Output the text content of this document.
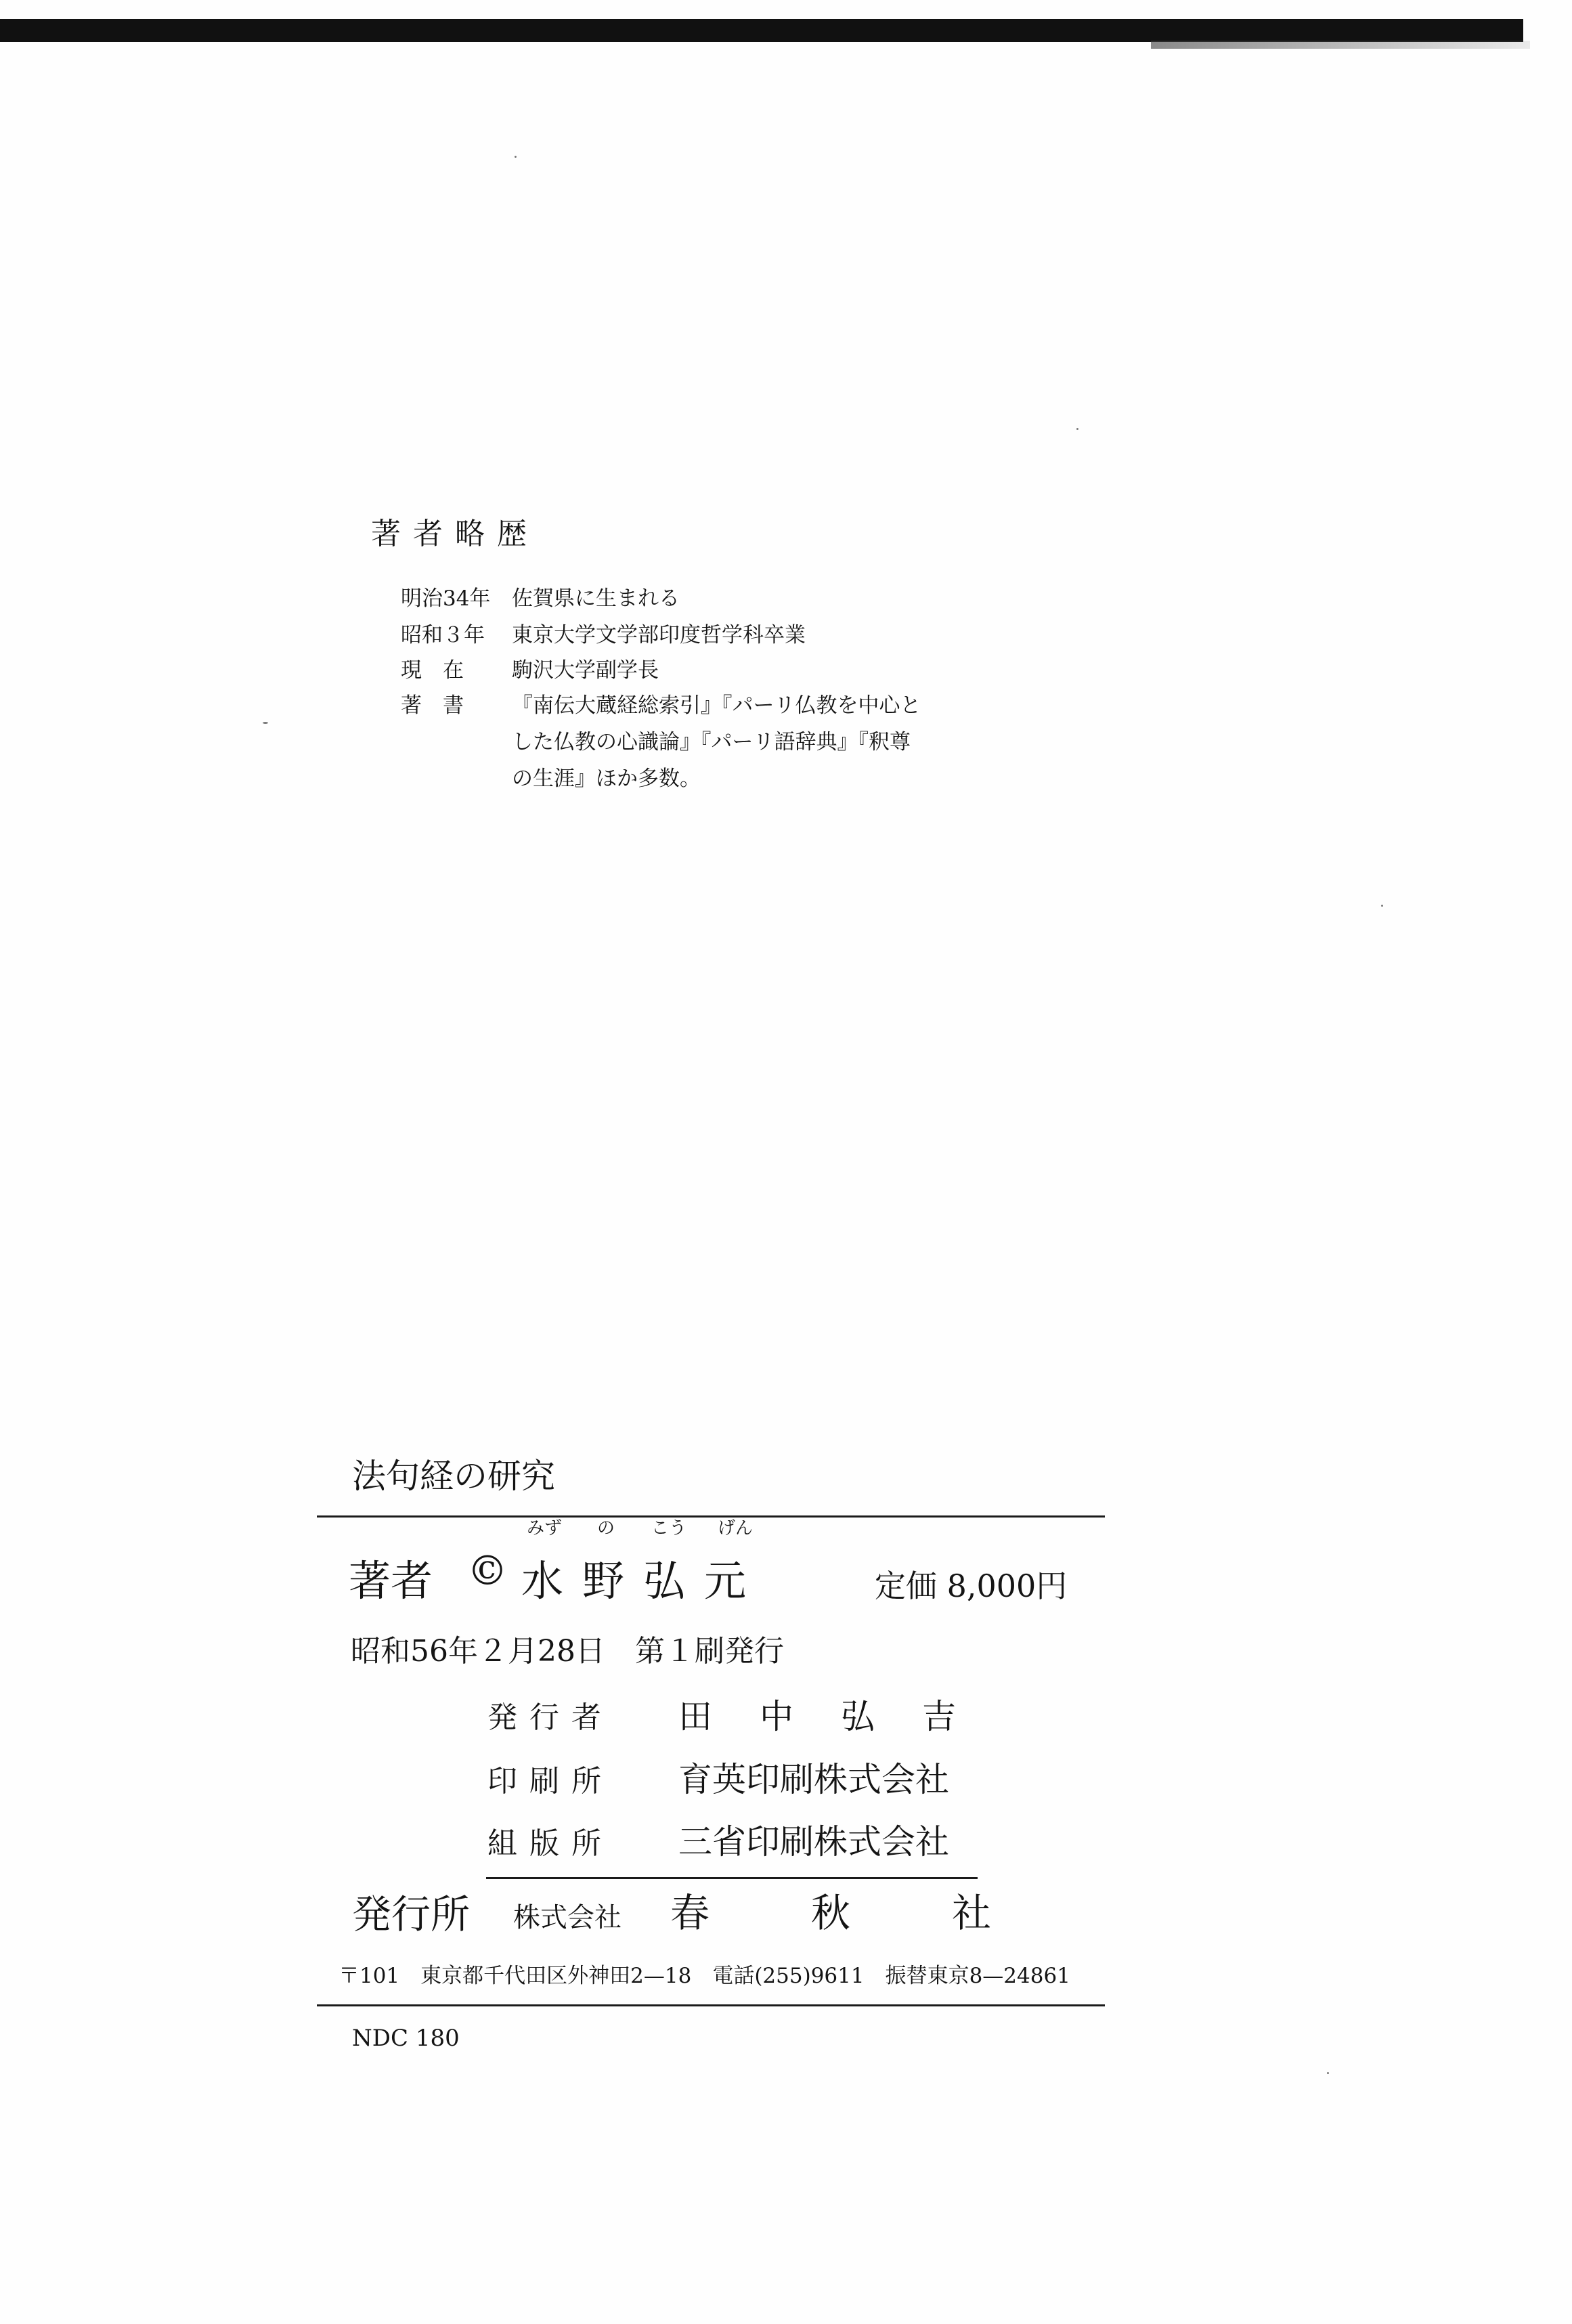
著者略歴
明治34年 佐賀県に生まれる
昭和３年 東京大学文学部印度哲学科卒業
現　在 駒沢大学副学長
著　書 『南伝大蔵経総索引』『パーリ仏教を中心と
した仏教の心識論』『パーリ語辞典』『釈尊
の生涯』ほか多数。
法句経の研究
みず の こう げん
著者 © 水野弘元	定価 8,000円
昭和56年２月28日　第１刷発行
発行者 田　中　弘　吉
印刷所 育英印刷株式会社
組版所 三省印刷株式会社
発行所 株式会社 春秋社
〒101　東京都千代田区外神田2—18　電話(255)9611　振替東京8—24861
NDC 180
